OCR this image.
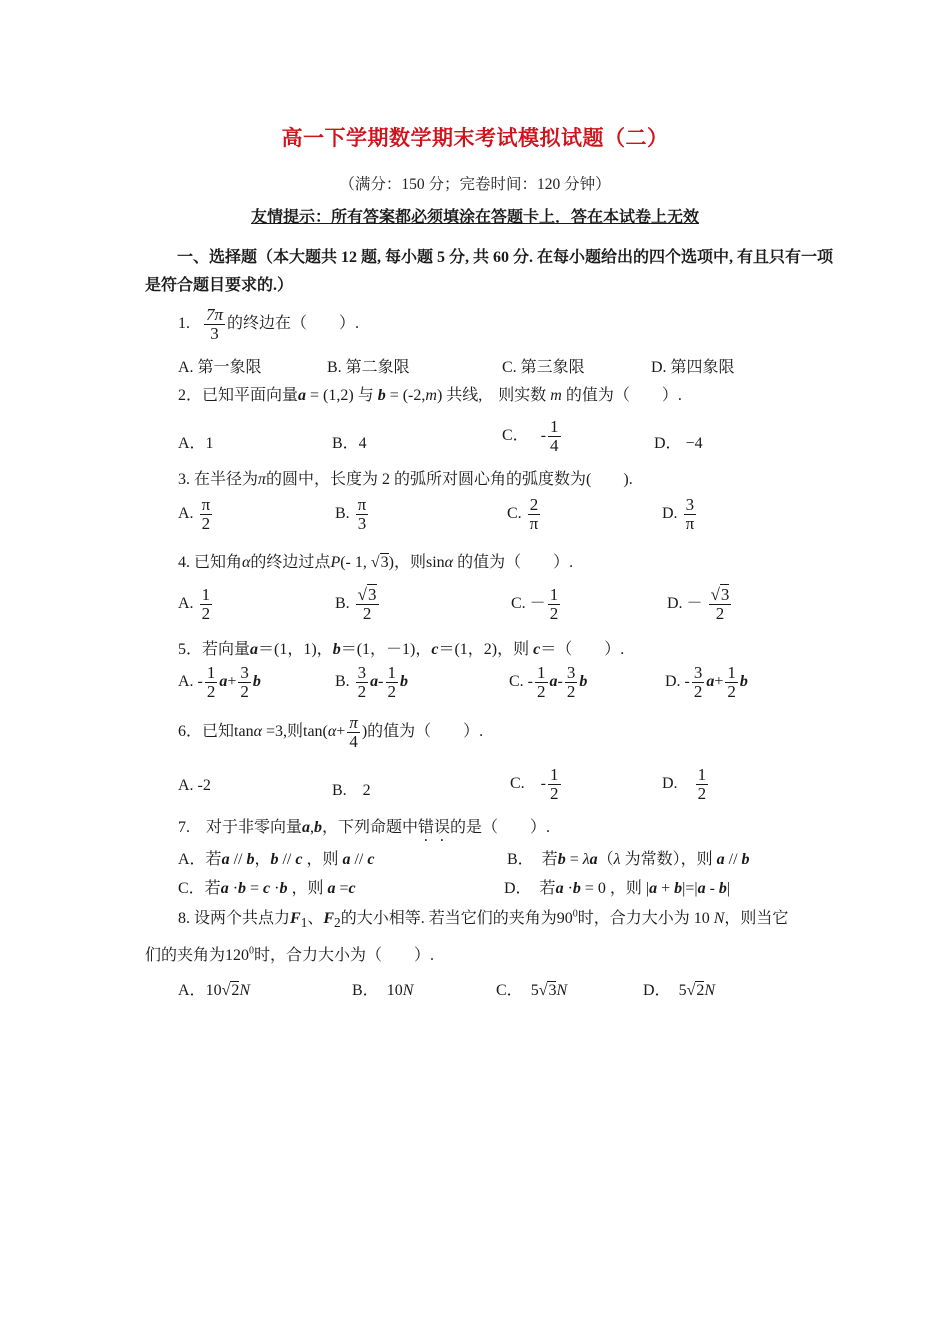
高一下学期数学期末考试模拟试题（二）
（满分：150 分；完卷时间：120 分钟）
友情提示：所有答案都必须填涂在答题卡上．答在本试卷上无效
一、选择题（本大题共 12 题, 每小题 5 分, 共 60 分. 在每小题给出的四个选项中, 有且只有一项是符合题目要求的.）
1. $\frac{7\pi}{3}$ 的终边在（　　）.
A. 第一象限	B. 第二象限	C. 第三象限	D. 第四象限
2．已知平面向量a = (1,2) 与 b = (-2,m) 共线,　则实数 m 的值为（　　）.
A．1	B．4	C．   - $\frac{1}{4}$	D． −4
3. 在半径为π的圆中，长度为 2 的弧所对圆心角的弧度数为(　　).
A. $\frac{\pi}{2}$	B. $\frac{\pi}{3}$	C. $\frac{2}{\pi}$	D. $\frac{3}{\pi}$
4. 已知角α的终边过点P(- 1, √3)，则sinα 的值为（　　）.
A. $\frac{1}{2}$	B. $\frac{√3}{2}$	C. － $\frac{1}{2}$	D. － $\frac{√3}{2}$
5．若向量a＝(1，1)，b＝(1，－1)，c＝(1，2)，则 c＝（　　）.
A. - $\frac{1}{2} a+ \frac{3}{2}$ b	B. $\frac{3}{2} a- \frac{1}{2}$ b	C. - $\frac{1}{2} a- \frac{3}{2}$ b	D. - $\frac{3}{2} a+ \frac{1}{2}$ b
6．已知tanα =3,则$\tan(\alpha+ \frac{\pi}{4}$ )的值为（　　）.
A. -2	B.　2	C.　- $\frac{1}{2}$	D.　 $\frac{1}{2}$
7.　对于非零向量a,b，下列命题中错误的是（　　）.
A．若a // b，b // c ，则 a // c	B．　若b = λa（λ 为常数），则 a // b
C．若a ·b = c ·b ，则 a =c	D．　若a ·b = 0 ，则 |a + b|=|a - b|
8. 设两个共点力$F_1$、$F_2$的大小相等. 若当它们的夹角为$90^0$时，合力大小为 10 N，则当它
们的夹角为$120^0$时，合力大小为（　　）.
A．10√2N	B．　10N	C．　5√3N	D．　5√2N
